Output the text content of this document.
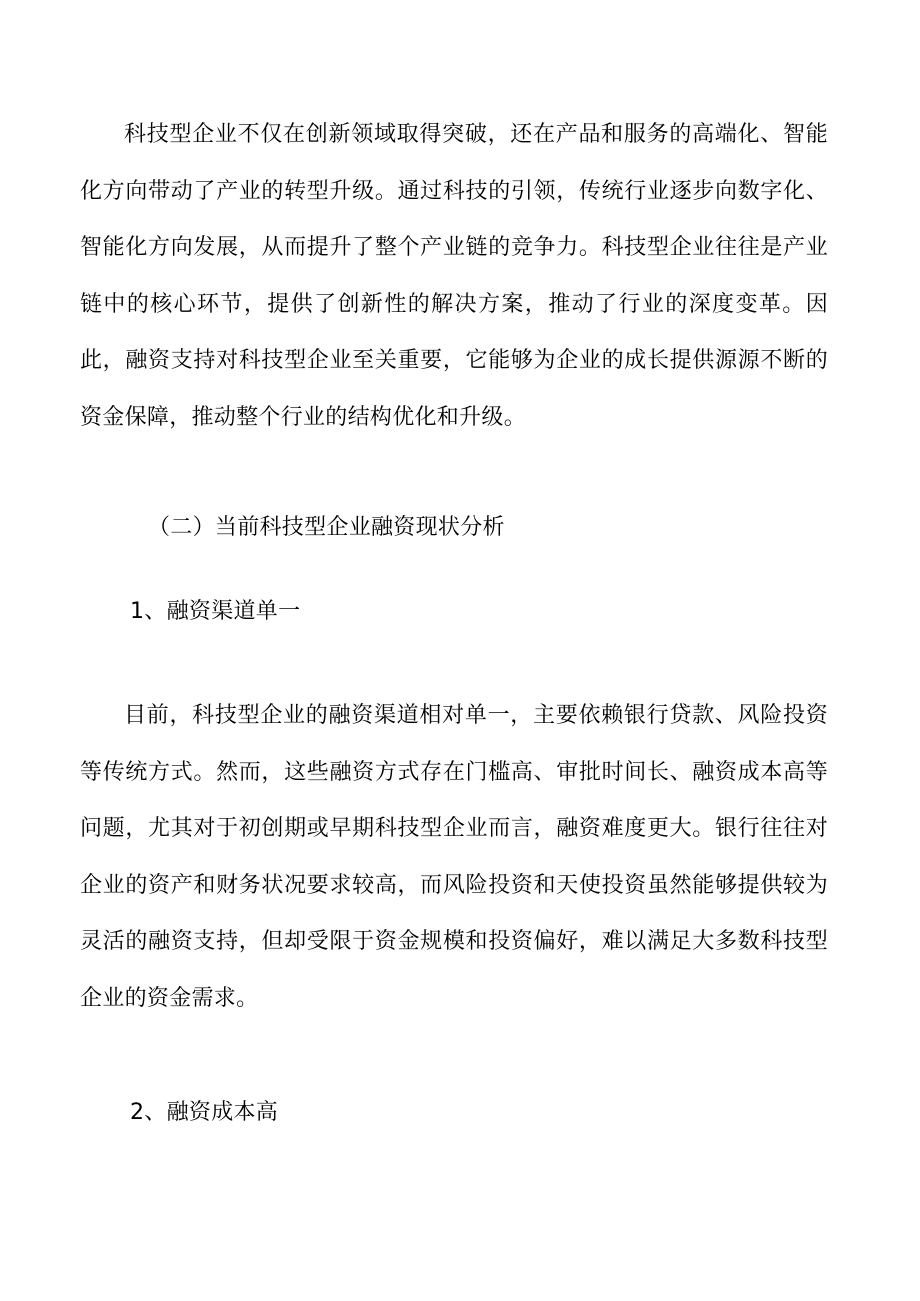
科技型企业不仅在创新领域取得突破，还在产品和服务的高端化、智能化方向带动了产业的转型升级。通过科技的引领，传统行业逐步向数字化、智能化方向发展，从而提升了整个产业链的竞争力。科技型企业往往是产业链中的核心环节，提供了创新性的解决方案，推动了行业的深度变革。因此，融资支持对科技型企业至关重要，它能够为企业的成长提供源源不断的资金保障，推动整个行业的结构优化和升级。

（二）当前科技型企业融资现状分析
1、融资渠道单一

目前，科技型企业的融资渠道相对单一，主要依赖银行贷款、风险投资等传统方式。然而，这些融资方式存在门槛高、审批时间长、融资成本高等问题，尤其对于初创期或早期科技型企业而言，融资难度更大。银行往往对企业的资产和财务状况要求较高，而风险投资和天使投资虽然能够提供较为灵活的融资支持，但却受限于资金规模和投资偏好，难以满足大多数科技型企业的资金需求。

2、融资成本高
